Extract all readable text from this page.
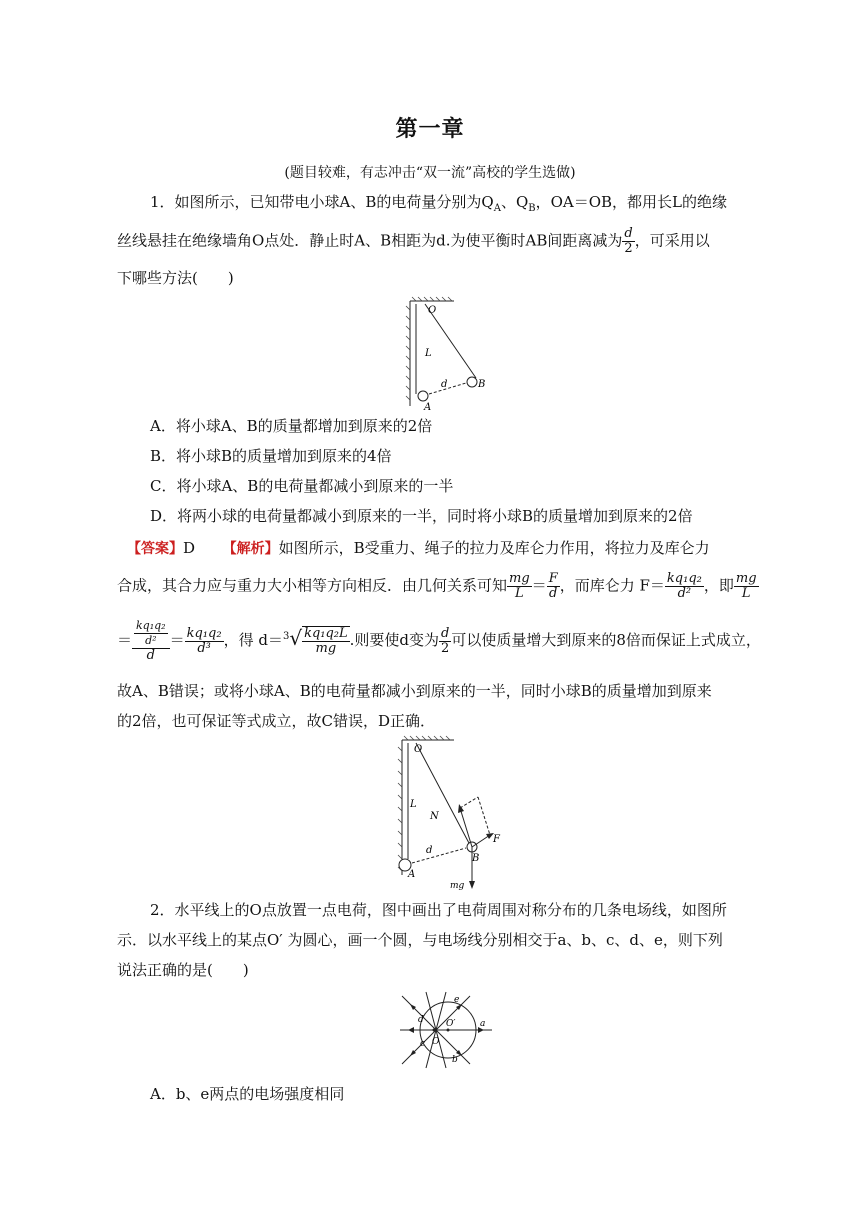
第一章
(题目较难，有志冲击“双一流”高校的学生选做)
1．如图所示，已知带电小球A、B的电荷量分别为$Q_A$、$Q_B$，OA＝OB，都用长L的绝缘
丝线悬挂在绝缘墙角O点处．静止时A、B相距为d.为使平衡时AB间距离减为 $\frac{d}{2}$ ，可采用以
下哪些方法(　　)
O
L
d
A
B
A．将小球A、B的质量都增加到原来的2倍
B．将小球B的质量增加到原来的4倍
C．将小球A、B的电荷量都减小到原来的一半
D．将两小球的电荷量都减小到原来的一半，同时将小球B的质量增加到原来的2倍
【答案】D 【解析】如图所示，B受重力、绳子的拉力及库仑力作用，将拉力及库仑力
合成，其合力应与重力大小相等方向相反．由几何关系可知 $\frac{mg}{L} = \frac{F}{d}$ ，而库仑力 $F= \frac{\text{kq₁q₂}}{\text{d²}}$ ，即 $\frac{mg}{L}$
＝ $\frac{\frac{\text{kq₁q₂}}{\text{d²}}}{d} = \frac{\text{kq₁q₂}}{\text{d³}}$ ，得 $d=^3√ \frac{\text{kq₁q₂L}}{mg}$ .则要使d变为 $\frac{d}{2}$ 可以使质量增大到原来的8倍而保证上式成立，
故A、B错误；或将小球A、B的电荷量都减小到原来的一半，同时小球B的质量增加到原来
的2倍，也可保证等式成立，故C错误，D正确．
O
L
N
F
d
A
B
mg
2．水平线上的O点放置一点电荷，图中画出了电荷周围对称分布的几条电场线，如图所
示．以水平线上的某点O′ 为圆心，画一个圆，与电场线分别相交于a、b、c、d、e，则下列
说法正确的是(　　)
a
b
c
d
e
O
O′
A．b、e两点的电场强度相同
